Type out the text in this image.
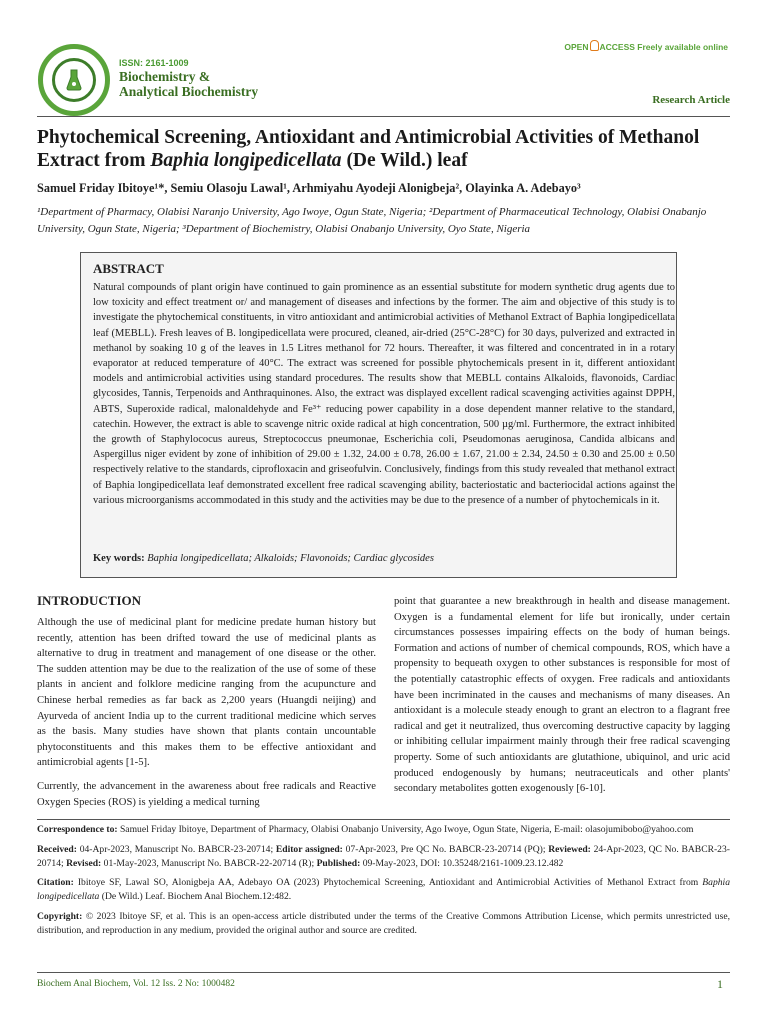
ISSN: 2161-1009
Biochemistry &
Analytical Biochemistry
OPEN ACCESS Freely available online
Research Article
Phytochemical Screening, Antioxidant and Antimicrobial Activities of Methanol Extract from Baphia longipedicellata (De Wild.) leaf
Samuel Friday Ibitoye¹*, Semiu Olasoju Lawal¹, Arhmiyahu Ayodeji Alonigbeja², Olayinka A. Adebayo³
¹Department of Pharmacy, Olabisi Naranjo University, Ago Iwoye, Ogun State, Nigeria; ²Department of Pharmaceutical Technology, Olabisi Onabanjo University, Ogun State, Nigeria; ³Department of Biochemistry, Olabisi Onabanjo University, Oyo State, Nigeria
ABSTRACT
Natural compounds of plant origin have continued to gain prominence as an essential substitute for modern synthetic drug agents due to low toxicity and effect treatment or/ and management of diseases and infections by the former. The aim and objective of this study is to investigate the phytochemical constituents, in vitro antioxidant and antimicrobial activities of Methanol Extract of Baphia longipedicellata leaf (MEBLL). Fresh leaves of B. longipedicellata were procured, cleaned, air-dried (25°C-28°C) for 30 days, pulverized and extracted in methanol by soaking 10 g of the leaves in 1.5 Litres methanol for 72 hours. Thereafter, it was filtered and concentrated in in a rotary evaporator at reduced temperature of 40°C. The extract was screened for possible phytochemicals present in it, different antioxidant models and antimicrobial activities using standard procedures. The results show that MEBLL contains Alkaloids, flavonoids, Cardiac glycosides, Tannis, Terpenoids and Anthraquinones. Also, the extract was displayed excellent radical scavenging activities against DPPH, ABTS, Superoxide radical, malonaldehyde and Fe³⁺ reducing power capability in a dose dependent manner relative to the standard, catechin. However, the extract is able to scavenge nitric oxide radical at high concentration, 500 µg/ml. Furthermore, the extract inhibited the growth of Staphylococus aureus, Streptococcus pneumonae, Escherichia coli, Pseudomonas aeruginosa, Candida albicans and Aspergillus niger evident by zone of inhibition of 29.00 ± 1.32, 24.00 ± 0.78, 26.00 ± 1.67, 21.00 ± 2.34, 24.50 ± 0.30 and 25.00 ± 0.50 respectively relative to the standards, ciprofloxacin and griseofulvin. Conclusively, findings from this study revealed that methanol extract of Baphia longipedicellata leaf demonstrated excellent free radical scavenging ability, bacteriostatic and bacteriocidal actions against the various microorganisms accommodated in this study and the activities may be due to the presence of a number of phytochemicals in it.
Key words: Baphia longipedicellata; Alkaloids; Flavonoids; Cardiac glycosides
INTRODUCTION

Although the use of medicinal plant for medicine predate human history but recently, attention has been drifted toward the use of medicinal plants as alternative to drug in treatment and management of one disease or the other. The sudden attention may be due to the realization of the use of some of these plants in ancient and folklore medicine ranging from the acupuncture and Chinese herbal remedies as far back as 2,200 years (Huangdi neijing) and Ayurveda of ancient India up to the current traditional medicine which serves as the basis. Many studies have shown that plants contain uncountable phytoconstituents and this makes them to be effective antioxidant and antimicrobial agents [1-5].

Currently, the advancement in the awareness about free radicals and Reactive Oxygen Species (ROS) is yielding a medical turning

point that guarantee a new breakthrough in health and disease management. Oxygen is a fundamental element for life but ironically, under certain circumstances possesses impairing effects on the body of human beings. Formation and actions of number of chemical compounds, ROS, which have a propensity to bequeath oxygen to other substances is responsible for most of the potentially catastrophic effects of oxygen. Free radicals and antioxidants have been incriminated in the causes and mechanisms of many diseases. An antioxidant is a molecule steady enough to grant an electron to a flagrant free radical and get it neutralized, thus overcoming destructive capacity by lagging or inhibiting cellular impairment mainly through their free radical scavenging property. Some of such antioxidants are glutathione, ubiquinol, and uric acid produced endogenously by humans; neutraceuticals and other plants' secondary metabolites gotten exogenously [6-10].

Correspondence to: Samuel Friday Ibitoye, Department of Pharmacy, Olabisi Onabanjo University, Ago Iwoye, Ogun State, Nigeria, E-mail: olasojumibobo@yahoo.com

Received: 04-Apr-2023, Manuscript No. BABCR-23-20714; Editor assigned: 07-Apr-2023, Pre QC No. BABCR-23-20714 (PQ); Reviewed: 24-Apr-2023, QC No. BABCR-23-20714; Revised: 01-May-2023, Manuscript No. BABCR-22-20714 (R); Published: 09-May-2023, DOI: 10.35248/2161-1009.23.12.482

Citation: Ibitoye SF, Lawal SO, Alonigbeja AA, Adebayo OA (2023) Phytochemical Screening, Antioxidant and Antimicrobial Activities of Methanol Extract from Baphia longipedicellata (De Wild.) Leaf. Biochem Anal Biochem.12:482.

Copyright: © 2023 Ibitoye SF, et al. This is an open-access article distributed under the terms of the Creative Commons Attribution License, which permits unrestricted use, distribution, and reproduction in any medium, provided the original author and source are credited.

Biochem Anal Biochem, Vol. 12 Iss. 2 No: 1000482	1
